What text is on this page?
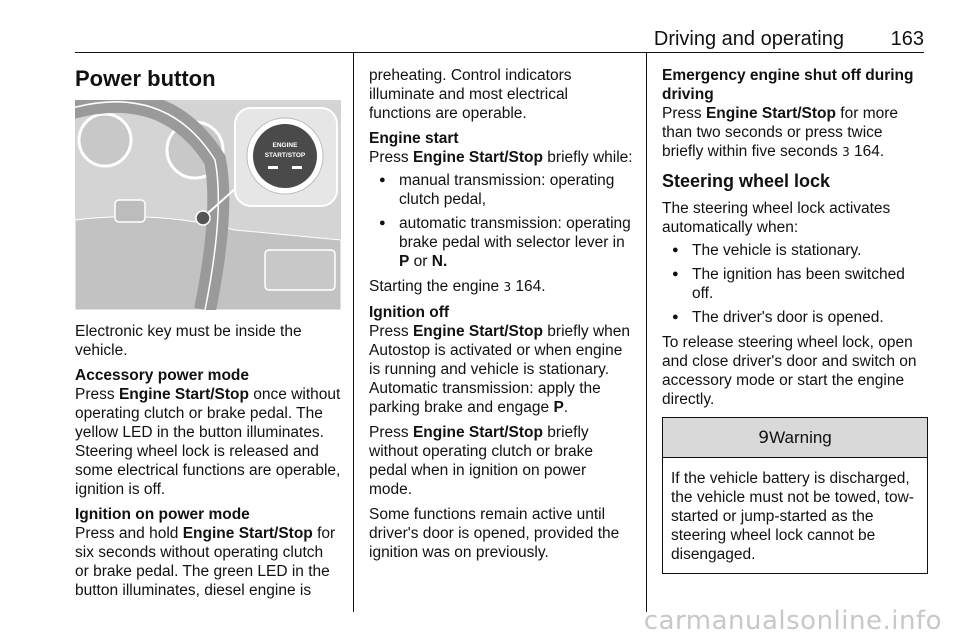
Driving and operating 163
Power button
ENGINE
START/STOP

Electronic key must be inside the vehicle.

Accessory power mode

Press Engine Start/Stop once without operating clutch or brake pedal. The yellow LED in the button illuminates. Steering wheel lock is released and some electrical functions are operable, ignition is off.

Ignition on power mode

Press and hold Engine Start/Stop for six seconds without operating clutch or brake pedal. The green LED in the button illuminates, diesel engine is

preheating. Control indicators illuminate and most electrical functions are operable.

Engine start

Press Engine Start/Stop briefly while:

● manual transmission: operating clutch pedal,
● automatic transmission: operating brake pedal with selector lever in P or N.

Starting the engine 3 164.

Ignition off

Press Engine Start/Stop briefly when Autostop is activated or when engine is running and vehicle is stationary. Automatic transmission: apply the parking brake and engage P.

Press Engine Start/Stop briefly without operating clutch or brake pedal when in ignition on power mode.

Some functions remain active until driver's door is opened, provided the ignition was on previously.

Emergency engine shut off during driving

Press Engine Start/Stop for more than two seconds or press twice briefly within five seconds 3 164.

Steering wheel lock

The steering wheel lock activates automatically when:

● The vehicle is stationary.
● The ignition has been switched off.
● The driver's door is opened.

To release steering wheel lock, open and close driver's door and switch on accessory mode or start the engine directly.

9Warning
If the vehicle battery is discharged, the vehicle must not be towed, tow-started or jump-started as the steering wheel lock cannot be disengaged.
carmanualsonline.info
